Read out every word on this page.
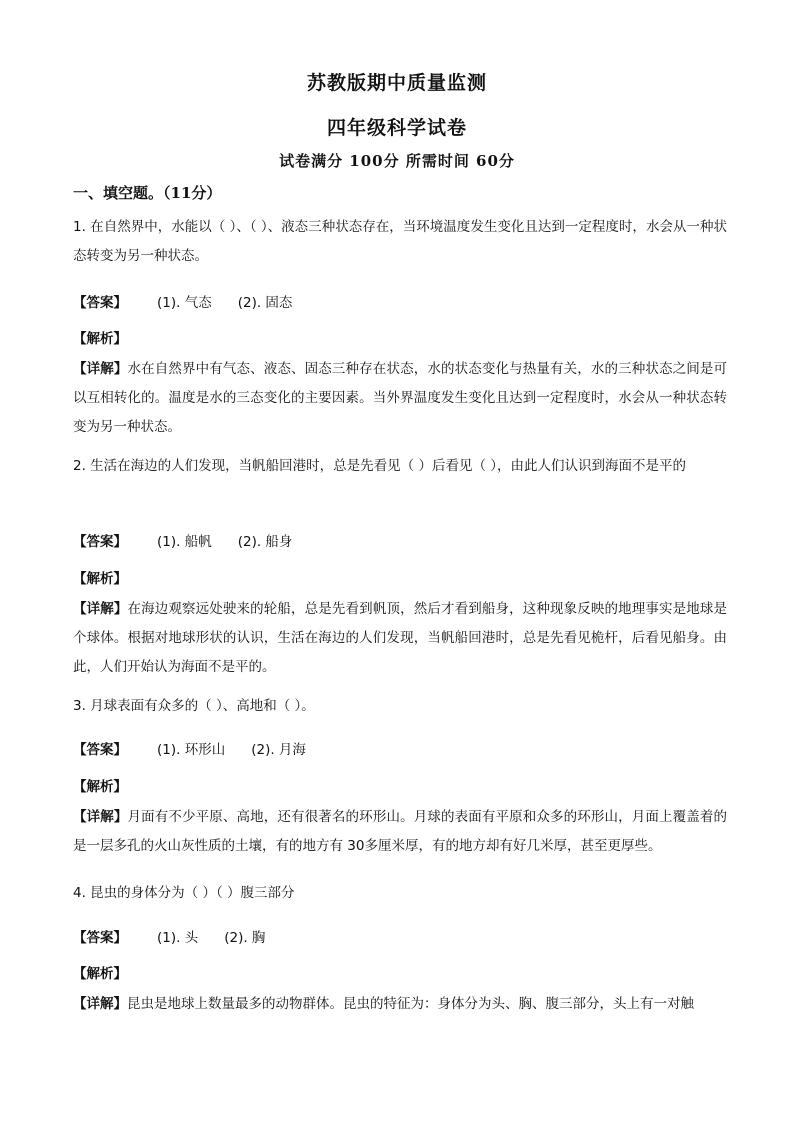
苏教版期中质量监测
四年级科学试卷
试卷满分 100分 所需时间 60分
一、填空题。（11分）
1. 在自然界中，水能以（ ）、（ ）、液态三种状态存在，当环境温度发生变化且达到一定程度时，水会从一种状态转变为另一种状态。
【答案】 (1). 气态 (2). 固态
【解析】
【详解】水在自然界中有气态、液态、固态三种存在状态，水的状态变化与热量有关，水的三种状态之间是可以互相转化的。温度是水的三态变化的主要因素。当外界温度发生变化且达到一定程度时，水会从一种状态转变为另一种状态。
2. 生活在海边的人们发现，当帆船回港时，总是先看见（ ）后看见（ ），由此人们认识到海面不是平的
【答案】 (1). 船帆 (2). 船身
【解析】
【详解】在海边观察远处驶来的轮船，总是先看到帆顶，然后才看到船身，这种现象反映的地理事实是地球是个球体。根据对地球形状的认识，生活在海边的人们发现，当帆船回港时，总是先看见桅杆，后看见船身。由此，人们开始认为海面不是平的。
3. 月球表面有众多的（ ）、高地和（ ）。
【答案】 (1). 环形山 (2). 月海
【解析】
【详解】月面有不少平原、高地，还有很著名的环形山。月球的表面有平原和众多的环形山，月面上覆盖着的是一层多孔的火山灰性质的土壤，有的地方有 30多厘米厚，有的地方却有好几米厚，甚至更厚些。
4. 昆虫的身体分为（ ）（ ）腹三部分
【答案】 (1). 头 (2). 胸
【解析】
【详解】昆虫是地球上数量最多的动物群体。昆虫的特征为：身体分为头、胸、腹三部分，头上有一对触
